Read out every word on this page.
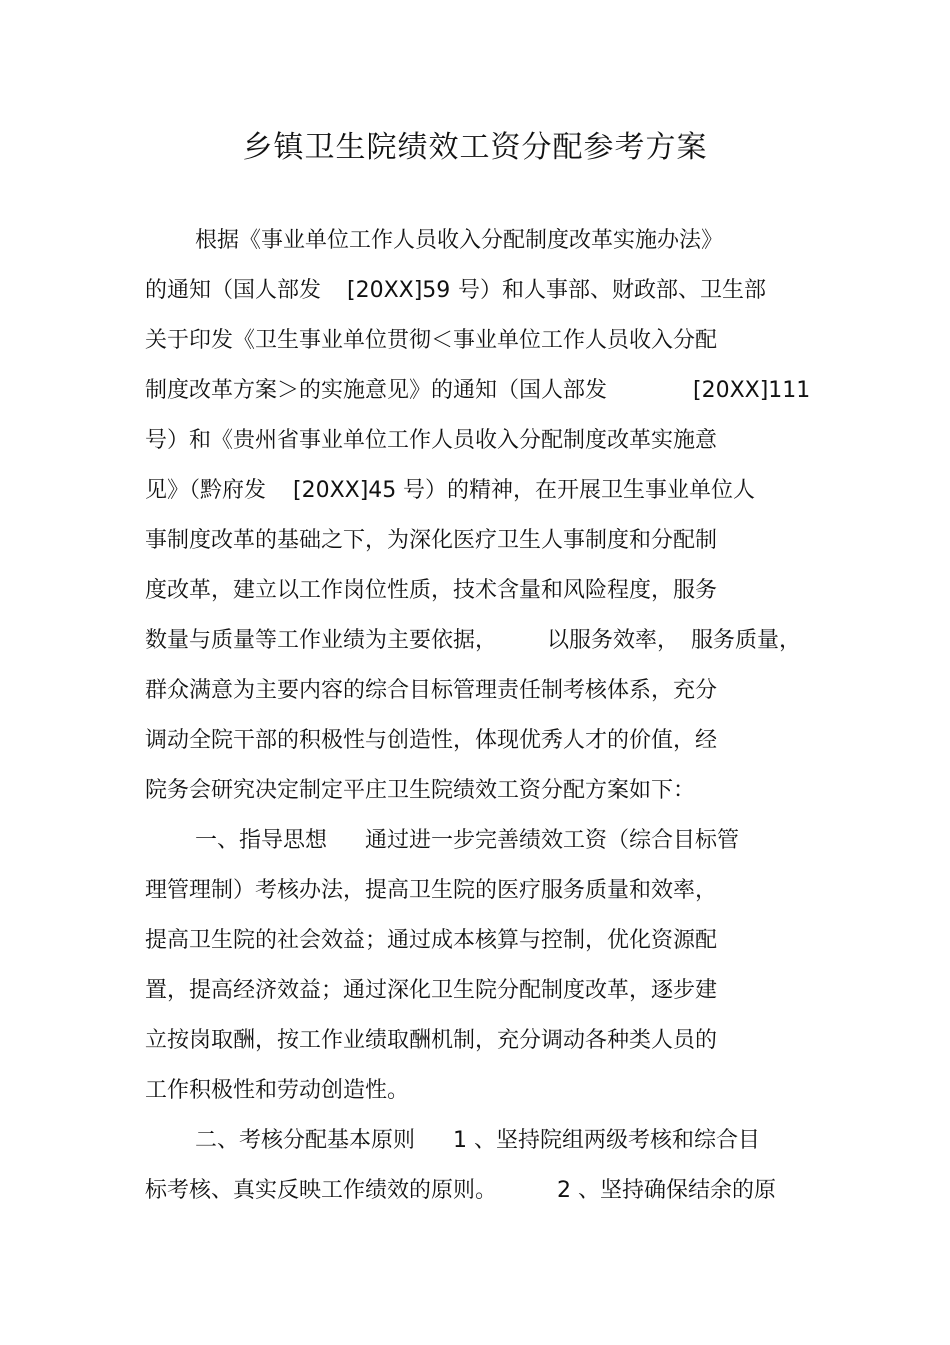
乡镇卫生院绩效工资分配参考方案
根据《事业单位工作人员收入分配制度改革实施办法》
的通知（国人部发 [20XX]59 号）和人事部、财政部、卫生部
关于印发《卫生事业单位贯彻＜事业单位工作人员收入分配
制度改革方案＞的实施意见》的通知（国人部发	[20XX]111
号）和《贵州省事业单位工作人员收入分配制度改革实施意
见》（黔府发 [20XX]45 号）的精神，在开展卫生事业单位人
事制度改革的基础之下，为深化医疗卫生人事制度和分配制
度改革，建立以工作岗位性质，技术含量和风险程度，服务
数量与质量等工作业绩为主要依据， 以服务效率， 服务质量，
群众满意为主要内容的综合目标管理责任制考核体系，充分
调动全院干部的积极性与创造性，体现优秀人才的价值，经
院务会研究决定制定平庄卫生院绩效工资分配方案如下：
一、指导思想 通过进一步完善绩效工资（综合目标管
理管理制）考核办法，提高卫生院的医疗服务质量和效率，
提高卫生院的社会效益；通过成本核算与控制，优化资源配
置，提高经济效益；通过深化卫生院分配制度改革，逐步建
立按岗取酬，按工作业绩取酬机制，充分调动各种类人员的
工作积极性和劳动创造性。
二、考核分配基本原则 1 、坚持院组两级考核和综合目
标考核、真实反映工作绩效的原则。	2 、坚持确保结余的原
